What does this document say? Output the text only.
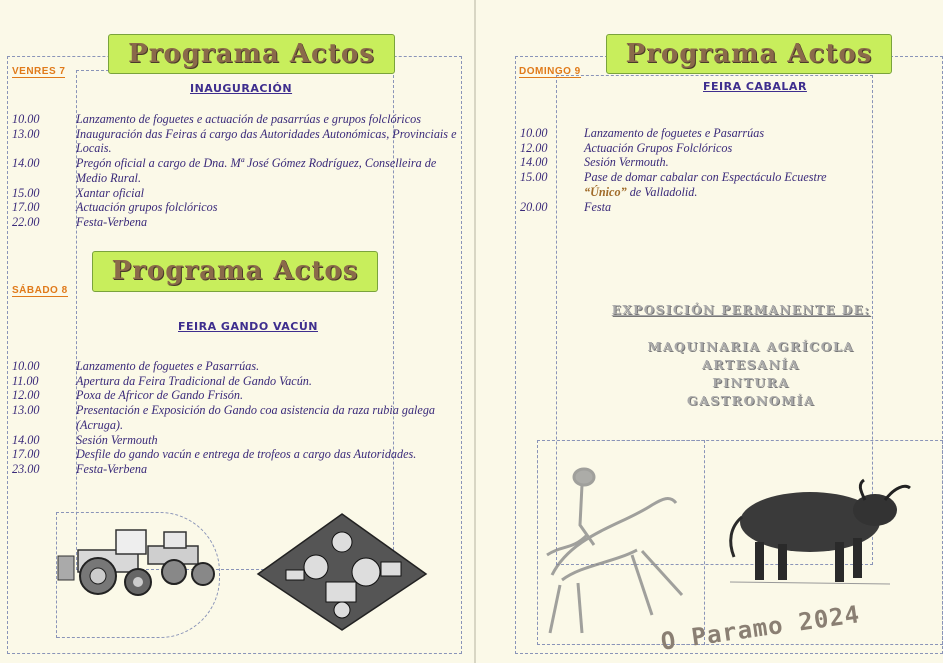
Programa Actos
VENRES 7
INAUGURACIÓN
10.00	Lanzamento de foguetes e actuación de pasarrúas e grupos folclóricos
13.00	Inauguración das Feiras á cargo das Autoridades Autonómicas, Provinciais e Locais.
14.00	Pregón oficial a cargo de Dna. Mª José Gómez Rodríguez, Conselleira de Medio Rural.
15.00	Xantar oficial
17.00	Actuación grupos folclóricos
22.00	Festa-Verbena
Programa Actos
SÁBADO 8
FEIRA GANDO VACÚN
10.00	Lanzamento de foguetes e Pasarrúas.
11.00	Apertura da Feira Tradicional de Gando Vacún.
12.00	Poxa de Africor de Gando Frisón.
13.00	Presentación e Exposición do Gando coa asistencia da raza rubia galega (Acruga).
14.00	Sesión Vermouth
17.00	Desfile do gando vacún e entrega de trofeos a cargo das Autoridades.
23.00	Festa-Verbena
Programa Actos
DOMINGO 9
FEIRA CABALAR
10.00	Lanzamento de foguetes e Pasarrúas
12.00	Actuación Grupos Folclóricos
14.00	Sesión Vermouth.
15.00	Pase de domar cabalar con Espectáculo Ecuestre
“Único” de Valladolid.
20.00	Festa
EXPOSICIÓN PERMANENTE DE:
MAQUINARIA AGRÍCOLA
ARTESANÍA
PINTURA
GASTRONOMÍA
O Paramo 2024
